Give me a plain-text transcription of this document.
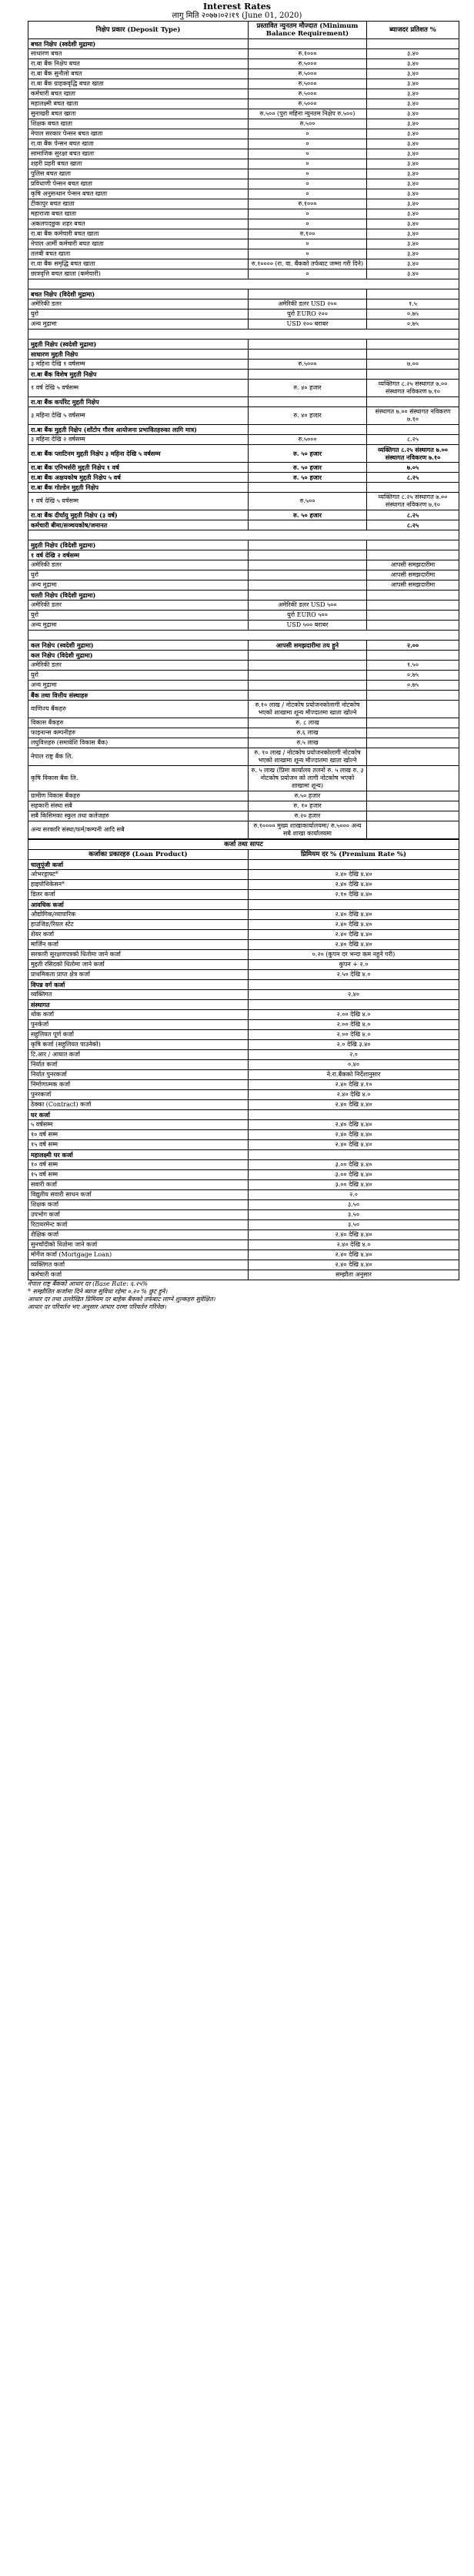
Interest Rates
लागु मिति २०७७।०२।१९ (June 01, 2020)
निक्षेप प्रकार (Deposit Type)	प्रस्तावित न्युनतम मौज्दात (Minimum Balance Requirement)	ब्याजदर प्रतिशत %
बचत निक्षेप (स्वदेशी मुद्रामा)		
साधारण बचत	रु.१०००	३.४०
रा.बा बैंक निक्षेप बचत	रु.५०००	३.४०
रा.बा बैंक सुनौलो बचत	रु.५०००	३.४०
रा.बा बैंक ग्राहकवृद्धि बचत खाता	रु.५०००	३.४०
कर्मचारी बचत खाता	रु.५०००	३.४०
महालक्ष्मी बचत खाता	रु.५०००	३.४०
सुनाखरी बचत खाता	रु.५०० (पुरा महिना न्युनतम निक्षेप रु.५००)	३.४०
शिक्षक बचत खाता	रु.५००	३.४०
नेपाल सरकार पेन्सन बचत खाता	०	३.४०
रा.वा बैंक पेन्सन बचत खाता	०	३.४०
सामाजिक सुरक्षा बचत खाता	०	३.४०
शहरी प्रहरी बचत खाता	०	३.४०
पुलिस बचत खाता	०	३.४०
प्रविधाणी पेन्सन बचत खाता	०	३.४०
कृषि अनुसन्धान पेन्सन बचत खाता	०	३.४०
टीकापुर बचत खाता	रु.१०००	३.४०
महाराजा बचत खाता	०	३.४०
अकलपदछुक शहर बचत	०	३.४०
रा.बा बैंक कर्मचारी बचत खाता	रु.१००	३.४०
नेपाल आर्मी कर्मचारी बचत खाता	०	३.४०
तलबी बचत खाता	०	३.४०
रा.वा बैंक समृद्धि बचत खाता	रु.१०००० (रा. वा. बैंकको तर्फबाट जम्मा गरी दिने)	३.४०
छात्रवृत्ति बचत खाता (कर्मचारी)	०	३.४०

बचत निक्षेप (विदेशी मुद्रामा)		
अमेरिकी डलर	अमेरिकी डलर USD २००	१.५
युरो	युरो EURO २००	०.७५
अन्य मुद्रामा	USD २०० बराबर	०.७५

मुद्दती निक्षेप (स्वदेशी मुद्रामा)		
साधारण मुद्दती निक्षेप		
३ महिना देखि १ वर्षसम्म	रु.५०००	७.००
रा.बा बैंक विशेष मुद्दती निक्षेप		
१ वर्ष देखि ५ वर्षसम्म	रु. ४० हजार	व्यक्तिगत ८.२५ संस्थागत ७.०० संस्थागत नविकरण ७.१०
रा.वा बैंक कर्पोरेट मुद्दती निक्षेप		
३ महिना देखि ५ वर्षसम्म	रु. ४० हजार	संस्थागत ७.०० संस्थागत नविकरण ७.१०
रा.बा बैंक मुद्दती निक्षेप (शाँटोप गौरव आयोजना प्रभावितहरुका लागि मात्र)		
३ महिना देखि २ वर्षसम्म	रु.५०००	८.२५
रा.बा बैंक प्लाटिनम मुद्दती निक्षेप ३ महिना देखि ५ वर्षसम्म	रु. ५० हजार	व्यक्तिगत ८.२५ संस्थागत ७.०० संस्थागत नविकरण ७.१०
रा.बा बैंक एनिभर्सरी मुद्दती निक्षेप १ वर्ष	रु. ५० हजार	७.०५
रा.बा बैंक अक्षयकोष मुद्दती निक्षेप ५ वर्ष	रु. ५० हजार	८.२५
रा.बा बैंक गोल्डेन मुद्दती निक्षेप		
१ वर्ष देखि ५ वर्षसम्म	रु.५००	व्यक्तिगत ८.२५ संस्थागत ७.०० संस्थागत नविकरण ७.१०
रा.वा बैंक दीर्घायु मुद्दती निक्षेप (३ वर्ष)	रु. ५० हजार	८.२५
कर्मचारी बीमा/सञ्चयकोष/जमानत		८.२५

मुद्दती निक्षेप (विदेशी मुद्रामा)		
१ वर्ष देखि २ वर्षसम्म		
अमेरिकी डलर		आपसी समझदारीमा
युरो		आपसी समझदारीमा
अन्य मुद्रामा		आपसी समझदारीमा
चल्ती निक्षेप (विदेशी मुद्रामा)		
अमेरिकी डलर	अमेरिकी डलर USD ५००	
युरो	युरो EURO ५००	
अन्य मुद्रामा	USD ५०० बराबर	

कल निक्षेप (स्वदेशी मुद्रामा)	आपसी समझदारीमा तय हुने	२.००
कल निक्षेप (विदेशी मुद्रामा)		
अमेरिकी डलर		१.५०
युरो		०.७५
अन्य मुद्रामा		०.७५
बैंक तथा वित्तीय संस्थाहरु		
वाणिज्य बैंकहरु	रु.१० लाख / नोटकोष प्रयोजनकोलागी नोटकोष भएको शाखामा शून्य मौज्दातमा खाता खोल्ने	
विकास बैंकहरु	रु. ८ लाख	
फाइनान्स कम्पनीहरु	रु.६ लाख	
लघुवित्तहरु (समावेशि विकास बैंक)	रु.५ लाख	
नेपाल राष्ट्र बैंक लि.	रु. १० लाख / नोटकोष प्रयोजनकोलागी नोटकोष भएको शाखामा शून्य मौज्दातमा खाता खोल्ने	
कृषि विकास बैंक लि.	रु. ५ लाख (प्रिमा कार्यालय तलनो रु. ५ लाख रु. ३ नोटकोष प्रयोजन को लागी नोटकोष भएको शाखामा शून्य)	
ग्रामीण विकास बैंकहरु	रु.५० हजार	
सहकारी संस्था सबै	रु. १० हजार	
सबै किसिमका स्कुल तथा कलेजहरु	रु.२० हजार	
अन्य सरकारि संस्था/फर्म/कम्पनी आदि सबै	रु.१०००० मुख्य शाखाकार्यालयमा/ रु.५००० अन्य सबै शाखा कार्यालयमा	
कर्जा तथा सापट	
कर्जाका प्रकारहरु (Loan Product)	प्रिमियम दर % (Premium Rate %)
चालुपूंजी कर्जा	
ओभरड्राफ्ट*	२.४० देखि ४.४०
हाइपोथिकेसन*	२.४० देखि ४.४०
डिलर कर्जा	२.१० देखि ४.४०
आवधिक कर्जा	
औद्योगिक/व्यापारिक	२.४० देखि ४.४०
हाउजिङ/रियल स्टेट	२.४० देखि ४.४०
शेयर कर्जा	२.४० देखि ४.४०
मार्जिन कर्जा	२.४० देखि ४.४०
सरकारी सुरक्षणपत्रको धितोमा जाने कर्जा	०.२० (कुपन दर भन्दा कम नहुने गरी)
मुद्दती रसिदको धितोमा जाने कर्जा	कुपन + २.०
प्राथमिकता प्राप्त क्षेत्र कर्जा	२.५० देखि ४.०
विपन्न वर्ग कर्जा	
व्यक्तिगत	२.४०
संस्थागत	
थोक कर्जा	२.०० देखि ४.०
पुनर्कर्जा	२.०० देखि ४.०
सहुलियत पूर्ण कर्जा	२.०० देखि ४.०
कृषि कर्जा (सहुलियत पाउनेको)	२.० देखि ३.४०
टि.आर / आयात कर्जा	२.०
निर्यात कर्जा	०.४०
निर्यात पुनरकर्जा	ने.रा.बैंकको निर्देशानुसार
निर्माणात्मक कर्जा	२.४० देखि ४.१०
पुनरकर्जा	२.४० देखि ४.०
ठेक्का (Contract) कर्जा	२.४० देखि ४.४०
घर कर्जा	
५ वर्षसम्म	२.४० देखि ४.४०
१० वर्ष सम्म	२.४० देखि ४.४०
१५ वर्ष सम्म	२.४० देखि ४.४०
महालक्ष्मी घर कर्जा	
१० वर्ष सम्म	३.०० देखि ४.४०
१५ वर्ष सम्म	३.०० देखि ४.४०
सवारी कर्जा	३.०० देखि ४.४०
विद्युतीय सवारी साधन कर्जा	२.०
शिक्षक कर्जा	३.५०
उपभोग कर्जा	३.५०
रिटायरमेन्ट कर्जा	३.५०
शैक्षिक कर्जा	२.४० देखि ४.४०
सुनचाँदीको धितोमा जाने कर्जा	२.४० देखि ४.०
मोर्गेज कर्जा (Mortgage Loan)	२.४० देखि ४.४०
व्यक्तिगत कर्जा	२.४० देखि ४.४०
कर्मचारी कर्जा	सम्झौता अनुसार
नेपाल राष्ट्र बैंकको आधार दर (Base Rate: ६.२५%
* सम्झौतित कर्जामा दिने ब्याज सुविधा रहेमा ०.२० % छुट हुने।
आधार दर तथा उल्लेखित प्रिमियम दर बाहेक बैंकको तर्फबाट लाग्ने शुल्कहरु सुवेक्षित।
आधार दर परिवर्तन भए अनुसार आधार दरमा परिवर्तन गरिनेछ।
